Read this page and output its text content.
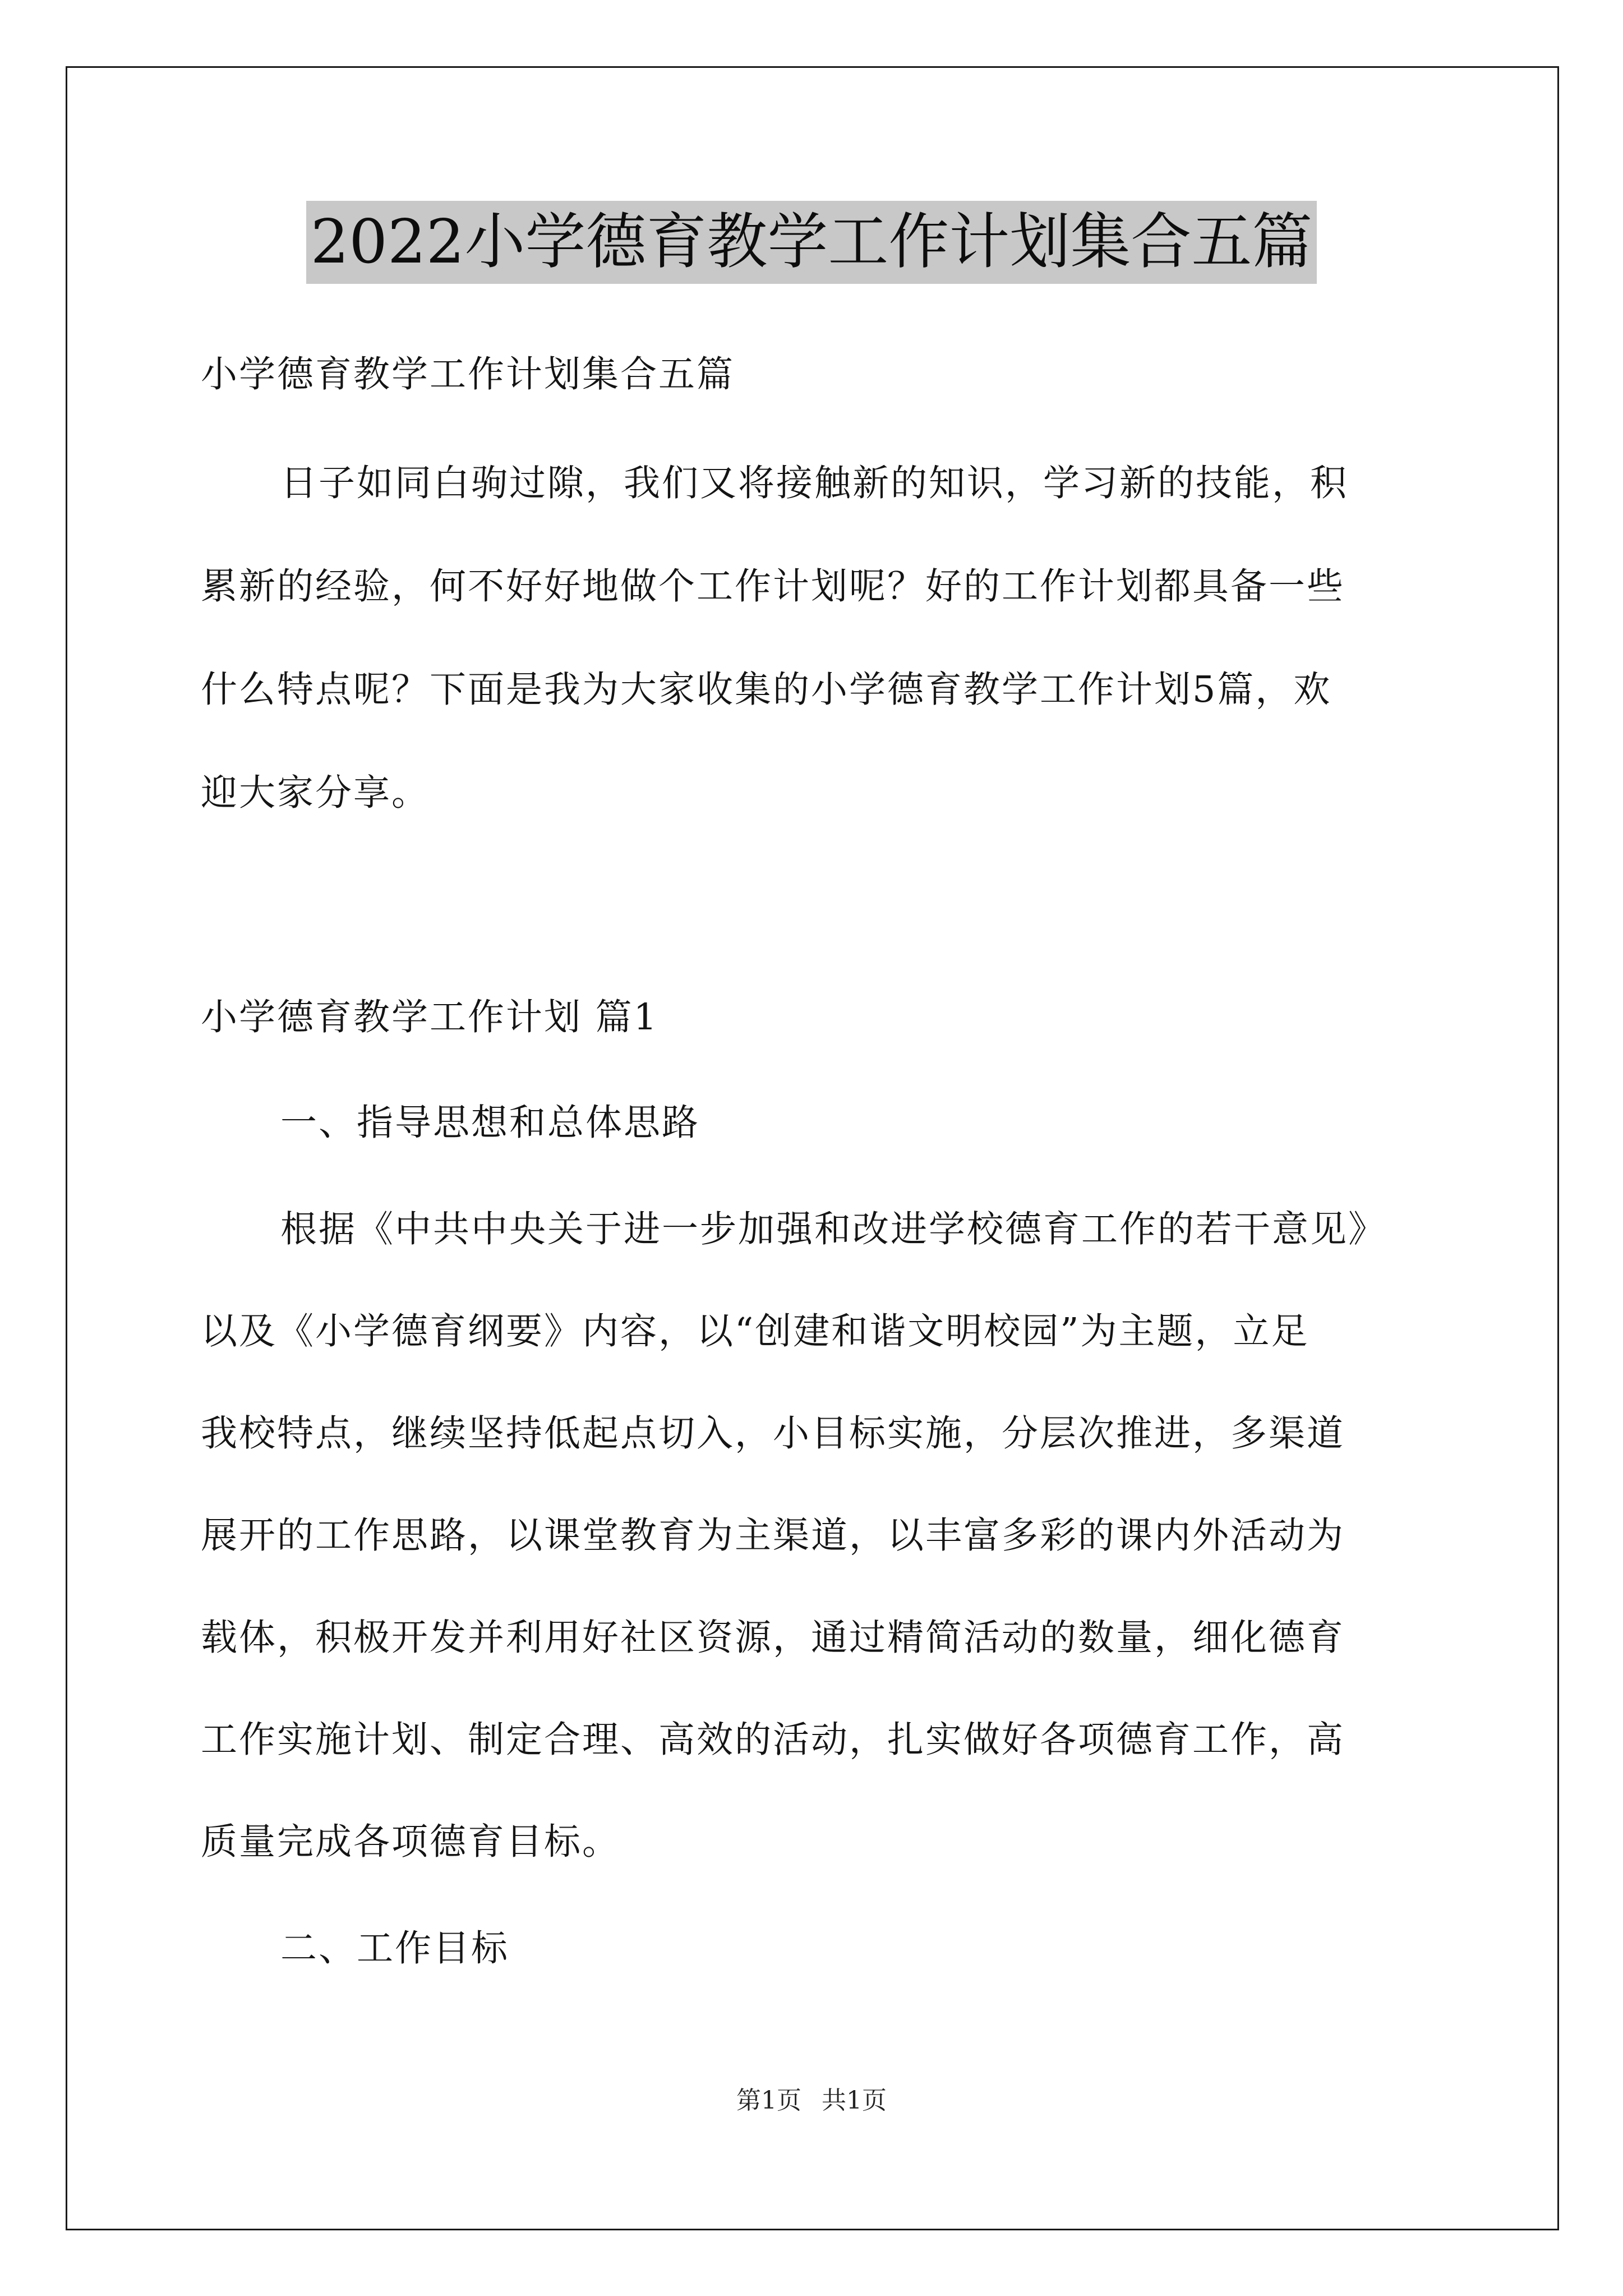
2022小学德育教学工作计划集合五篇
小学德育教学工作计划集合五篇
日子如同白驹过隙，我们又将接触新的知识，学习新的技能，积
累新的经验，何不好好地做个工作计划呢？好的工作计划都具备一些
什么特点呢？下面是我为大家收集的小学德育教学工作计划5篇，欢
迎大家分享。
小学德育教学工作计划 篇1
一、指导思想和总体思路
根据《中共中央关于进一步加强和改进学校德育工作的若干意见》
以及《小学德育纲要》内容，以“创建和谐文明校园”为主题，立足
我校特点，继续坚持低起点切入，小目标实施，分层次推进，多渠道
展开的工作思路，以课堂教育为主渠道，以丰富多彩的课内外活动为
载体，积极开发并利用好社区资源，通过精简活动的数量，细化德育
工作实施计划、制定合理、高效的活动，扎实做好各项德育工作，高
质量完成各项德育目标。
二、工作目标
第1页 共1页
